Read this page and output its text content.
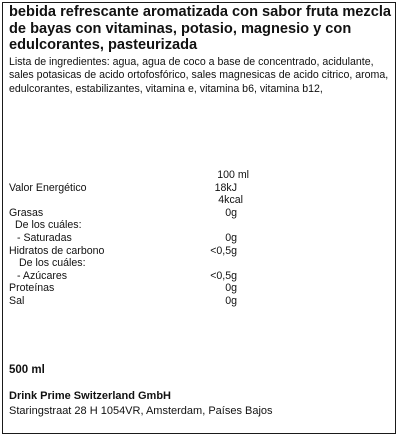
bebida refrescante aromatizada con sabor fruta mezcla de bayas con vitaminas, potasio, magnesio y con edulcorantes, pasteurizada

Lista de ingredientes: agua, agua de coco a base de concentrado, acidulante, sales potasicas de acido ortofosfórico, sales magnesicas de acido citrico, aroma, edulcorantes, estabilizantes, vitamina e, vitamina b6, vitamina b12,

100 ml
Valor Energético	18kJ
4kcal
Grasas	0g
De los cuáles:
- Saturadas	0g
Hidratos de carbono	<0,5g
De los cuáles:
- Azúcares	<0,5g
Proteínas	0g
Sal	0g
500 ml
Drink Prime Switzerland GmbH
Staringstraat 28 H 1054VR, Amsterdam, Países Bajos
